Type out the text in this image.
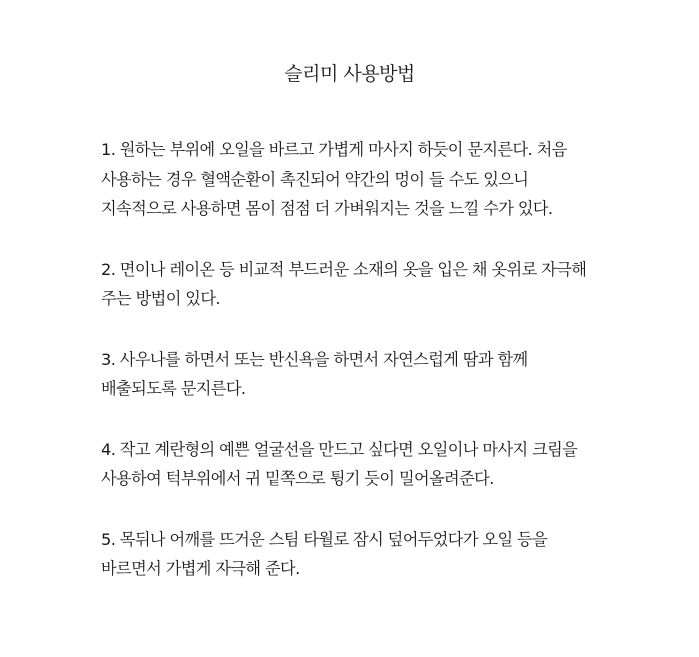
슬리미 사용방법
1. 원하는 부위에 오일을 바르고 가볍게 마사지 하듯이 문지른다. 처음
사용하는 경우 혈액순환이 촉진되어 약간의 멍이 들 수도 있으니
지속적으로 사용하면 몸이 점점 더 가벼워지는 것을 느낄 수가 있다.
2. 면이나 레이온 등 비교적 부드러운 소재의 옷을 입은 채 옷위로 자극해
주는 방법이 있다.
3. 사우나를 하면서 또는 반신욕을 하면서 자연스럽게 땀과 함께
배출되도록 문지른다.
4. 작고 계란형의 예쁜 얼굴선을 만드고 싶다면 오일이나 마사지 크림을
사용하여 턱부위에서 귀 밑쪽으로 튕기 듯이 밀어올려준다.
5. 목뒤나 어깨를 뜨거운 스팀 타월로 잠시 덮어두었다가 오일 등을
바르면서 가볍게 자극해 준다.
